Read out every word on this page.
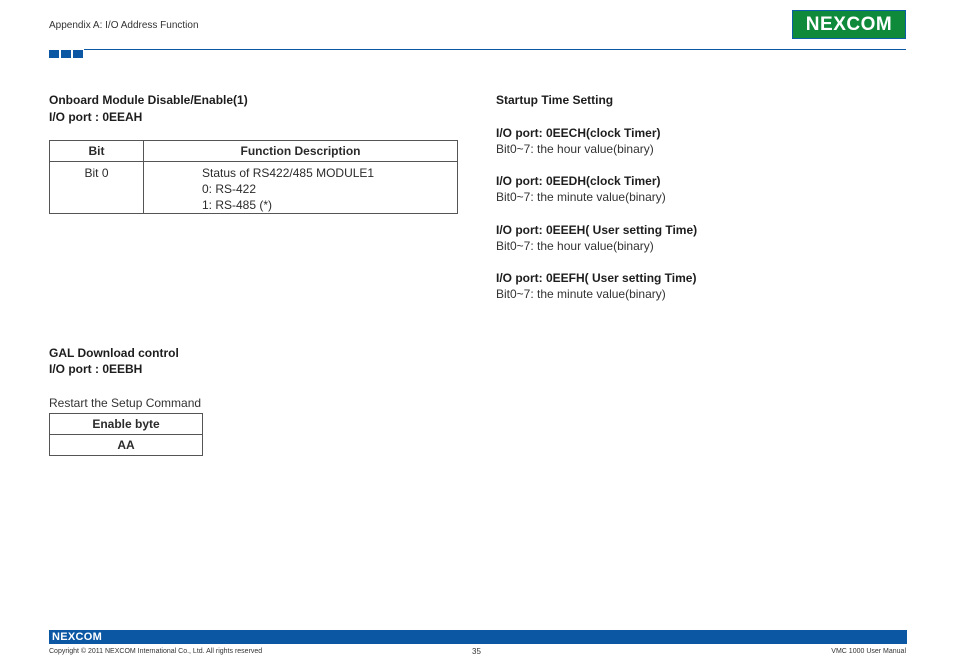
Appendix A: I/O Address Function	NEXCOM
Onboard Module Disable/Enable(1)
I/O port : 0EEAH
Bit	Function Description
Bit 0	Status of RS422/485 MODULE1
0: RS-422
1: RS-485 (*)
GAL Download control
I/O port : 0EEBH
Restart the Setup Command
Enable byte
AA
Startup Time Setting
I/O port: 0EECH(clock Timer)
Bit0~7: the hour value(binary)
I/O port: 0EEDH(clock Timer)
Bit0~7: the minute value(binary)
I/O port: 0EEEH( User setting Time)
Bit0~7: the hour value(binary)
I/O port: 0EEFH( User setting Time)
Bit0~7: the minute value(binary)
NEXCOM
Copyright © 2011 NEXCOM International Co., Ltd. All rights reserved	35	VMC 1000 User Manual
